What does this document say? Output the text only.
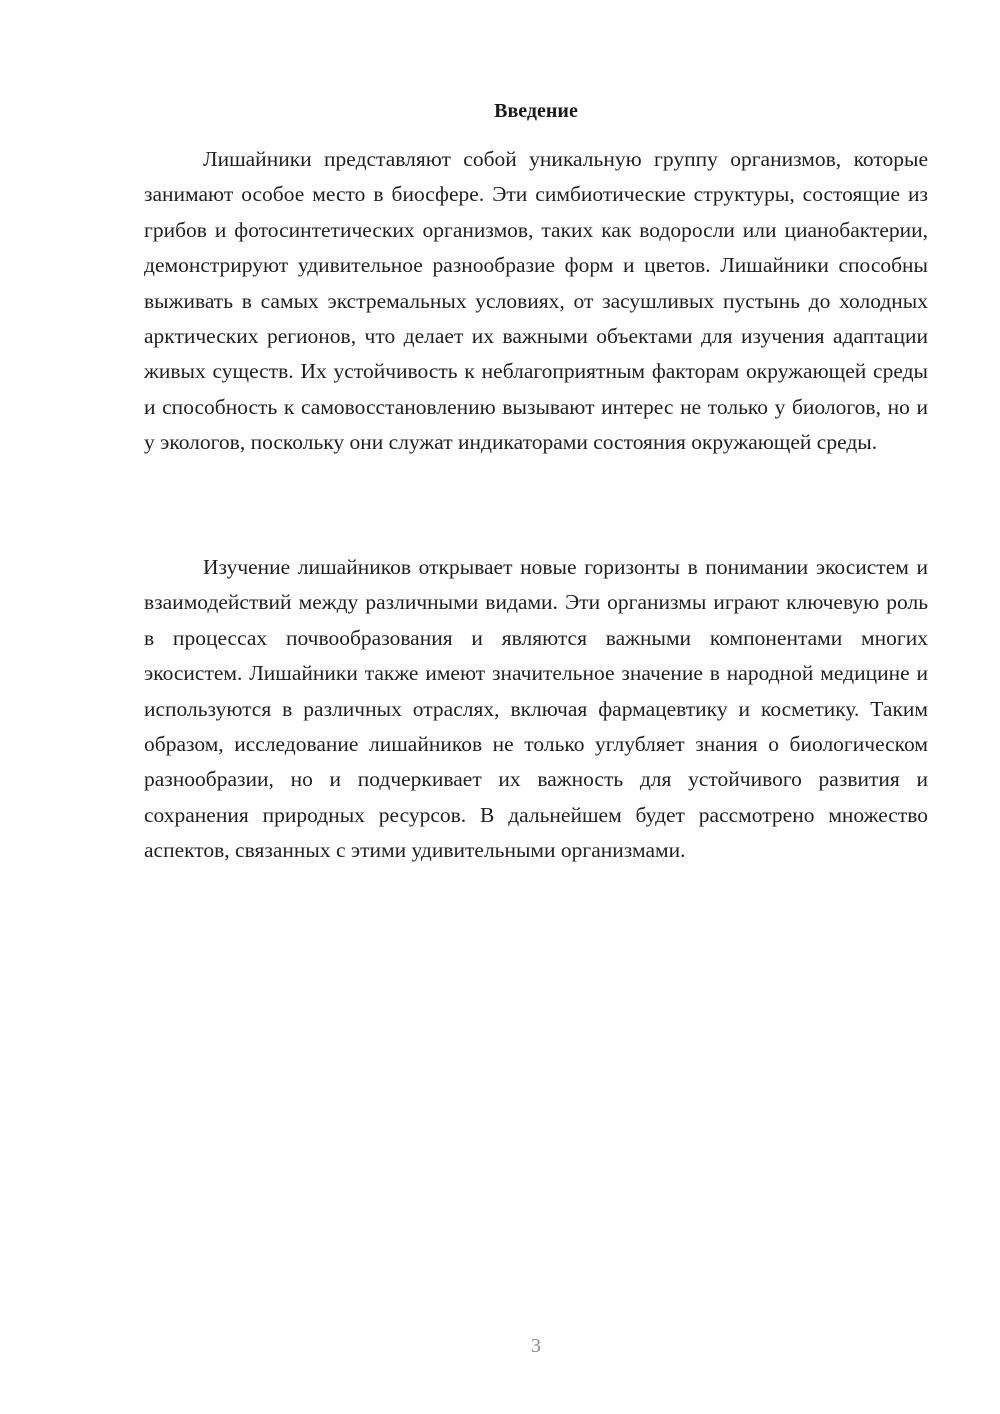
Введение

Лишайники представляют собой уникальную группу организмов, которые занимают особое место в биосфере. Эти симбиотические структуры, состоящие из грибов и фотосинтетических организмов, таких как водоросли или цианобактерии, демонстрируют удивительное разнообразие форм и цветов. Лишайники способны выживать в самых экстремальных условиях, от засушливых пустынь до холодных арктических регионов, что делает их важными объектами для изучения адаптации живых существ. Их устойчивость к неблагоприятным факторам окружающей среды и способность к самовосстановлению вызывают интерес не только у биологов, но и у экологов, поскольку они служат индикаторами состояния окружающей среды.

Изучение лишайников открывает новые горизонты в понимании экосистем и взаимодействий между различными видами. Эти организмы играют ключевую роль в процессах почвообразования и являются важными компонентами многих экосистем. Лишайники также имеют значительное значение в народной медицине и используются в различных отраслях, включая фармацевтику и косметику. Таким образом, исследование лишайников не только углубляет знания о биологическом разнообразии, но и подчеркивает их важность для устойчивого развития и сохранения природных ресурсов. В дальнейшем будет рассмотрено множество аспектов, связанных с этими удивительными организмами.

3
